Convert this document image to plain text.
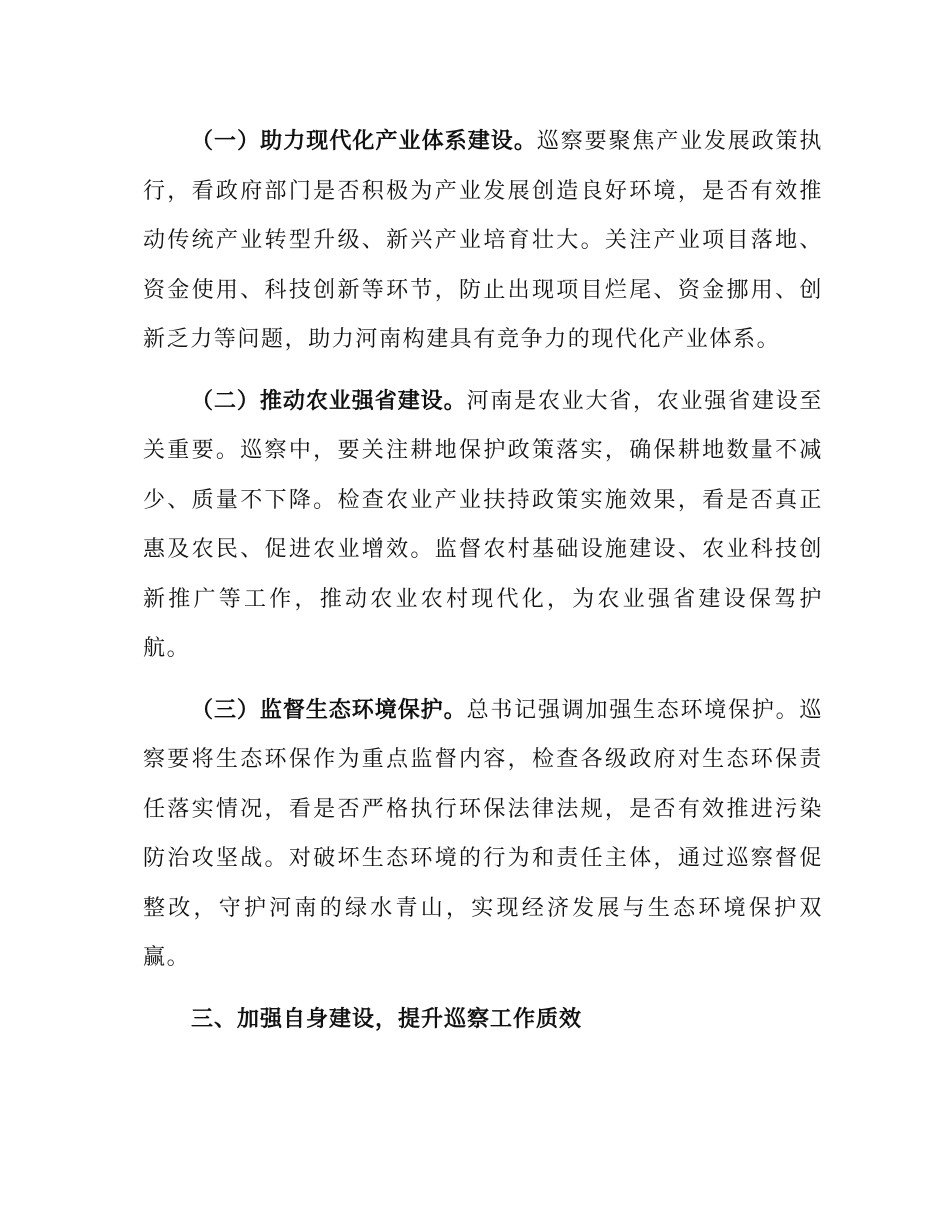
（一）助力现代化产业体系建设。巡察要聚焦产业发展政策执行，看政府部门是否积极为产业发展创造良好环境，是否有效推动传统产业转型升级、新兴产业培育壮大。关注产业项目落地、资金使用、科技创新等环节，防止出现项目烂尾、资金挪用、创新乏力等问题，助力河南构建具有竞争力的现代化产业体系。

（二）推动农业强省建设。河南是农业大省，农业强省建设至关重要。巡察中，要关注耕地保护政策落实，确保耕地数量不减少、质量不下降。检查农业产业扶持政策实施效果，看是否真正惠及农民、促进农业增效。监督农村基础设施建设、农业科技创新推广等工作，推动农业农村现代化，为农业强省建设保驾护航。

（三）监督生态环境保护。总书记强调加强生态环境保护。巡察要将生态环保作为重点监督内容，检查各级政府对生态环保责任落实情况，看是否严格执行环保法律法规，是否有效推进污染防治攻坚战。对破坏生态环境的行为和责任主体，通过巡察督促整改，守护河南的绿水青山，实现经济发展与生态环境保护双赢。

三、加强自身建设，提升巡察工作质效
